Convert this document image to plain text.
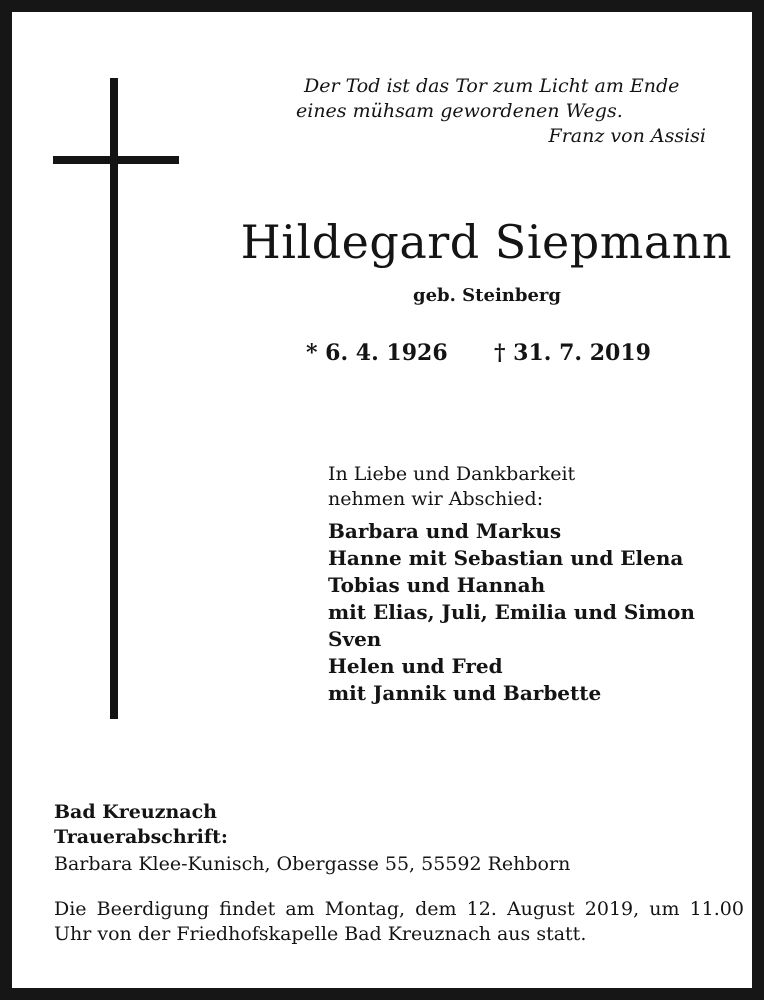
Der Tod ist das Tor zum Licht am Ende
eines mühsam gewordenen Wegs.
Franz von Assisi
Hildegard Siepmann
geb. Steinberg
* 6. 4. 1926 † 31. 7. 2019
In Liebe und Dankbarkeit
nehmen wir Abschied:
Barbara und Markus
Hanne mit Sebastian und Elena
Tobias und Hannah
mit Elias, Juli, Emilia und Simon
Sven
Helen und Fred
mit Jannik und Barbette
Bad Kreuznach
Trauerabschrift:
Barbara Klee-Kunisch, Obergasse 55, 55592 Rehborn
Die Beerdigung findet am Montag, dem 12. August 2019, um 11.00 Uhr von der Friedhofskapelle Bad Kreuznach aus statt.
